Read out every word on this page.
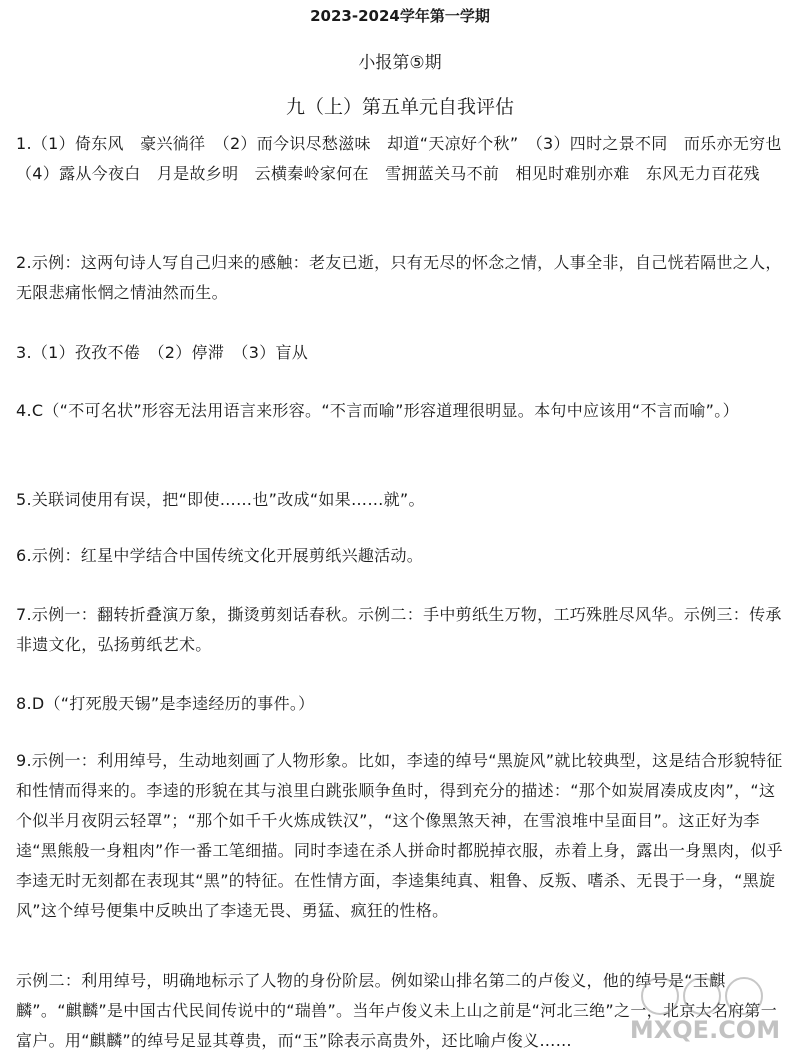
2023-2024学年第一学期
小报第⑤期
九（上）第五单元自我评估

1.（1）倚东风　豪兴徜徉　（2）而今识尽愁滋味　却道“天凉好个秋”　（3）四时之景不同　而乐亦无穷也　（4）露从今夜白　月是故乡明　云横秦岭家何在　雪拥蓝关马不前　相见时难别亦难　东风无力百花残

2.示例：这两句诗人写自己归来的感触：老友已逝，只有无尽的怀念之情，人事全非，自己恍若隔世之人，无限悲痛怅惘之情油然而生。

3.（1）孜孜不倦　（2）停滞　（3）盲从

4.C（“不可名状”形容无法用语言来形容。“不言而喻”形容道理很明显。本句中应该用“不言而喻”。）

5.关联词使用有误，把“即使……也”改成“如果……就”。

6.示例：红星中学结合中国传统文化开展剪纸兴趣活动。

7.示例一：翻转折叠演万象，撕烫剪刻话春秋。示例二：手中剪纸生万物，工巧殊胜尽风华。示例三：传承非遗文化，弘扬剪纸艺术。

8.D（“打死殷天锡”是李逵经历的事件。）

9.示例一：利用绰号，生动地刻画了人物形象。比如，李逵的绰号“黑旋风”就比较典型，这是结合形貌特征和性情而得来的。李逵的形貌在其与浪里白跳张顺争鱼时，得到充分的描述：“那个如炭屑凑成皮肉”，“这个似半月夜阴云轻罩”；“那个如千千火炼成铁汉”，“这个像黑煞天神，在雪浪堆中呈面目”。这正好为李逵“黑熊般一身粗肉”作一番工笔细描。同时李逵在杀人拼命时都脱掉衣服，赤着上身，露出一身黑肉，似乎李逵无时无刻都在表现其“黑”的特征。在性情方面，李逵集纯真、粗鲁、反叛、嗜杀、无畏于一身，“黑旋风”这个绰号便集中反映出了李逵无畏、勇猛、疯狂的性格。

示例二：利用绰号，明确地标示了人物的身份阶层。例如梁山排名第二的卢俊义，他的绰号是“玉麒麟”。“麒麟”是中国古代民间传说中的“瑞兽”。当年卢俊义未上山之前是“河北三绝”之一，北京大名府第一富户。用“麒麟”的绰号足显其尊贵，而“玉”除表示高贵外，还比喻卢俊义……	MXQE.COM
